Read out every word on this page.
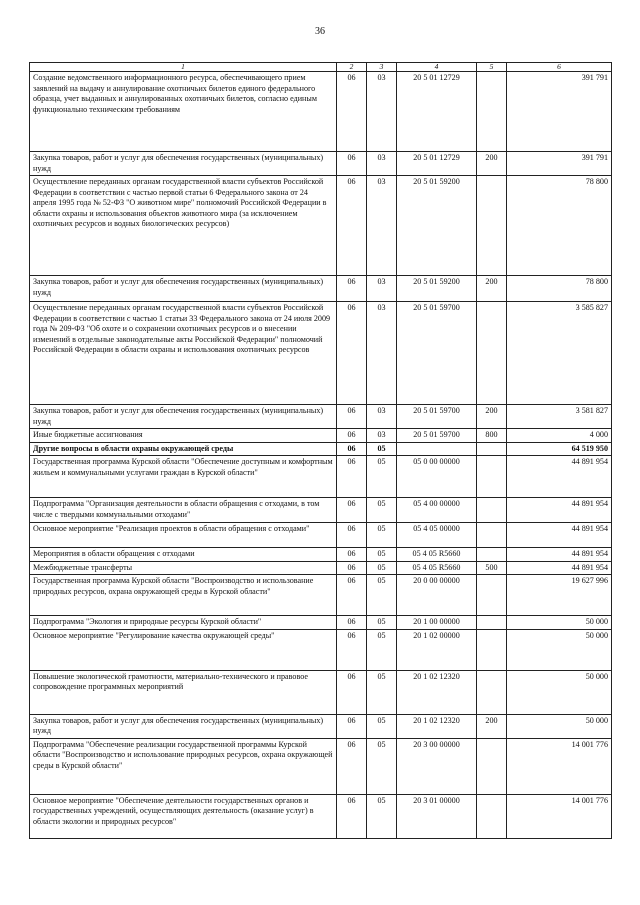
36
1	2	3	4	5	6
Создание ведомственного информационного ресурса, обеспечивающего прием заявлений на выдачу и аннулирование охотничьих билетов единого федерального образца, учет выданных и аннулированных охотничьих билетов, согласно единым функционально техническим требованиям	06	03	20 5 01 12729		391 791
Закупка товаров, работ и услуг для обеспечения государственных (муниципальных) нужд	06	03	20 5 01 12729	200	391 791
Осуществление переданных органам государственной власти субъектов Российской Федерации в соответствии с частью первой статьи 6 Федерального закона от 24 апреля 1995 года № 52-ФЗ "О животном мире" полномочий Российской Федерации в области охраны и использования объектов животного мира (за исключением охотничьих ресурсов и водных биологических ресурсов)	06	03	20 5 01 59200		78 800
Закупка товаров, работ и услуг для обеспечения государственных (муниципальных) нужд	06	03	20 5 01 59200	200	78 800
Осуществление переданных органам государственной власти субъектов Российской Федерации в соответствии с частью 1 статьи 33 Федерального закона от 24 июля 2009 года № 209-ФЗ "Об охоте и о сохранении охотничьих ресурсов и о внесении изменений в отдельные законодательные акты Российской Федерации" полномочий Российской Федерации в области охраны и использования охотничьих ресурсов	06	03	20 5 01 59700		3 585 827
Закупка товаров, работ и услуг для обеспечения государственных (муниципальных) нужд	06	03	20 5 01 59700	200	3 581 827
Иные бюджетные ассигнования	06	03	20 5 01 59700	800	4 000
Другие вопросы в области охраны окружающей среды	06	05			64 519 950
Государственная программа Курской области "Обеспечение доступным и комфортным жильем и коммунальными услугами граждан в Курской области"	06	05	05 0 00 00000		44 891 954
Подпрограмма "Организация деятельности в области обращения с отходами, в том числе с твердыми коммунальными отходами"	06	05	05 4 00 00000		44 891 954
Основное мероприятие "Реализация проектов в области обращения с отходами"	06	05	05 4 05 00000		44 891 954
Мероприятия в области обращения с отходами	06	05	05 4 05 R5660		44 891 954
Межбюджетные трансферты	06	05	05 4 05 R5660	500	44 891 954
Государственная программа Курской области "Воспроизводство и использование природных ресурсов, охрана окружающей среды в Курской области"	06	05	20 0 00 00000		19 627 996
Подпрограмма "Экология и природные ресурсы Курской области"	06	05	20 1 00 00000		50 000
Основное мероприятие "Регулирование качества окружающей среды"	06	05	20 1 02 00000		50 000
Повышение экологической грамотности, материально-технического и правовое сопровождение программных мероприятий	06	05	20 1 02 12320		50 000
Закупка товаров, работ и услуг для обеспечения государственных (муниципальных) нужд	06	05	20 1 02 12320	200	50 000
Подпрограмма "Обеспечение реализации государственной программы Курской области "Воспроизводство и использование природных ресурсов, охрана окружающей среды в Курской области"	06	05	20 3 00 00000		14 001 776
Основное мероприятие "Обеспечение деятельности государственных органов и государственных учреждений, осуществляющих деятельность (оказание услуг) в области экологии и природных ресурсов"	06	05	20 3 01 00000		14 001 776
